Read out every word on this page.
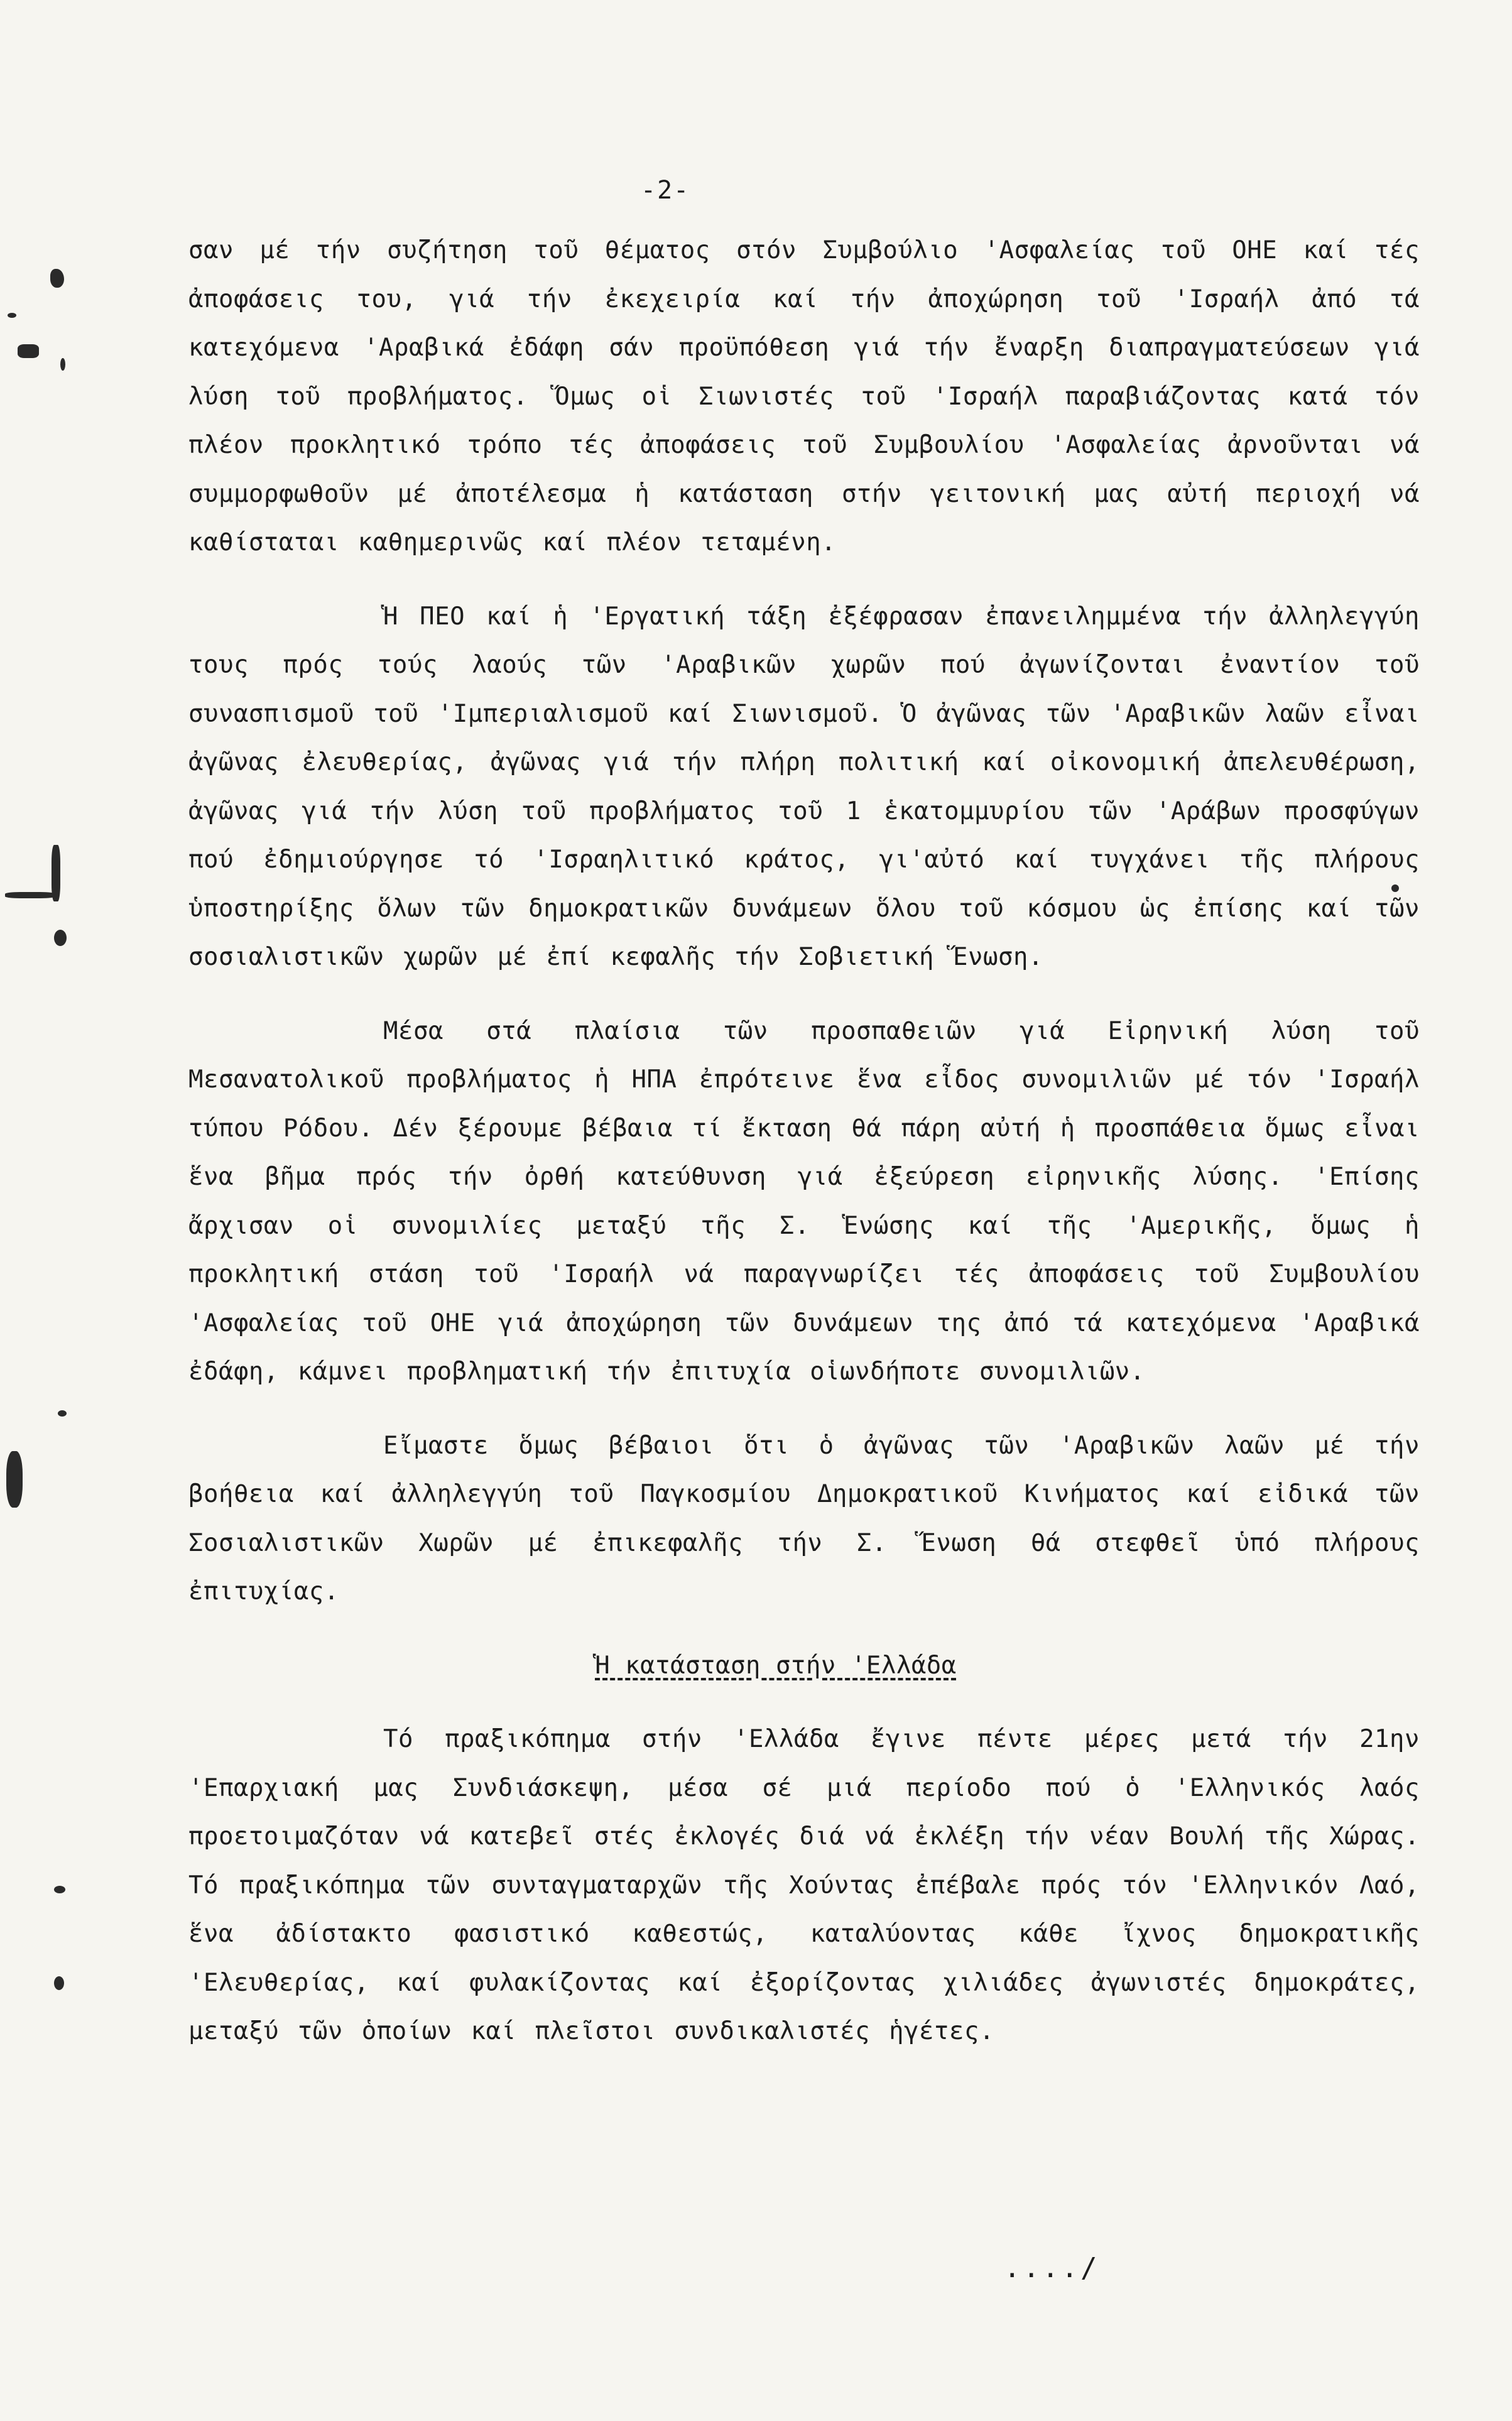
-2-

σαν μέ τήν συζήτηση τοῦ θέματος στόν Συμβούλιο 'Ασφαλείας τοῦ ΟΗΕ καί τές ἀποφάσεις του, γιά τήν ἐκεχειρία καί τήν ἀποχώρηση τοῦ 'Ισραήλ ἀπό τά κατεχόμενα 'Αραβικά ἐδάφη σάν προϋπόθεση γιά τήν ἔναρξη διαπραγματεύσεων γιά λύση τοῦ προβλήματος. Ὅμως οἱ Σιωνιστές τοῦ 'Ισραήλ παραβιάζοντας κατά τόν πλέον προκλητικό τρόπο τές ἀποφάσεις τοῦ Συμβουλίου 'Ασφαλείας ἀρνοῦνται νά συμμορφωθοῦν μέ ἀποτέλεσμα ἡ κατάσταση στήν γειτονική μας αὐτή περιοχή νά καθίσταται καθημερινῶς καί πλέον τεταμένη.

Ἡ ΠΕΟ καί ἡ 'Εργατική τάξη ἐξέφρασαν ἐπανειλημμένα τήν ἀλληλεγγύη τους πρός τούς λαούς τῶν 'Αραβικῶν χωρῶν πού ἀγωνίζονται ἐναντίον τοῦ συνασπισμοῦ τοῦ 'Ιμπεριαλισμοῦ καί Σιωνισμοῦ. Ὁ ἀγῶνας τῶν 'Αραβικῶν λαῶν εἶναι ἀγῶνας ἐλευθερίας, ἀγῶνας γιά τήν πλήρη πολιτική καί οἰκονομική ἀπελευθέρωση, ἀγῶνας γιά τήν λύση τοῦ προβλήματος τοῦ 1 ἑκατομμυρίου τῶν 'Αράβων προσφύγων πού ἐδημιούργησε τό 'Ισραηλιτικό κράτος, γι'αὐτό καί τυγχάνει τῆς πλήρους ὑποστηρίξης ὅλων τῶν δημοκρατικῶν δυνάμεων ὅλου τοῦ κόσμου ὡς ἐπίσης καί τῶν σοσιαλιστικῶν χωρῶν μέ ἐπί κεφαλῆς τήν Σοβιετική Ἕνωση.

Μέσα στά πλαίσια τῶν προσπαθειῶν γιά Εἰρηνική λύση τοῦ Μεσανατολικοῦ προβλήματος ἡ ΗΠΑ ἐπρότεινε ἕνα εἶδος συνομιλιῶν μέ τόν 'Ισραήλ τύπου Ρόδου. Δέν ξέρουμε βέβαια τί ἔκταση θά πάρη αὐτή ἡ προσπάθεια ὅμως εἶναι ἕνα βῆμα πρός τήν ὀρθή κατεύθυνση γιά ἐξεύρεση εἰρηνικῆς λύσης. 'Επίσης ἄρχισαν οἱ συνομιλίες μεταξύ τῆς Σ. Ἑνώσης καί τῆς 'Αμερικῆς, ὅμως ἡ προκλητική στάση τοῦ 'Ισραήλ νά παραγνωρίζει τές ἀποφάσεις τοῦ Συμβουλίου 'Ασφαλείας τοῦ ΟΗΕ γιά ἀποχώρηση τῶν δυνάμεων της ἀπό τά κατεχόμενα 'Αραβικά ἐδάφη, κάμνει προβληματική τήν ἐπιτυχία οἱωνδήποτε συνομιλιῶν.

Εἴμαστε ὅμως βέβαιοι ὅτι ὁ ἀγῶνας τῶν 'Αραβικῶν λαῶν μέ τήν βοήθεια καί ἀλληλεγγύη τοῦ Παγκοσμίου Δημοκρατικοῦ Κινήματος καί εἰδικά τῶν Σοσιαλιστικῶν Χωρῶν μέ ἐπικεφαλῆς τήν Σ. Ἕνωση θά στεφθεῖ ὑπό πλήρους ἐπιτυχίας.

Ἡ κατάσταση στήν 'Ελλάδα

Τό πραξικόπημα στήν 'Ελλάδα ἔγινε πέντε μέρες μετά τήν 21ην 'Επαρχιακή μας Συνδιάσκεψη, μέσα σέ μιά περίοδο πού ὁ 'Ελληνικός λαός προετοιμαζόταν νά κατεβεῖ στές ἐκλογές διά νά ἐκλέξη τήν νέαν Βουλή τῆς Χώρας. Τό πραξικόπημα τῶν συνταγματαρχῶν τῆς Χούντας ἐπέβαλε πρός τόν 'Ελληνικόν Λαό, ἕνα ἀδίστακτο φασιστικό καθεστώς, καταλύοντας κάθε ἴχνος δημοκρατικῆς 'Ελευθερίας, καί φυλακίζοντας καί ἐξορίζοντας χιλιάδες ἀγωνιστές δημοκράτες, μεταξύ τῶν ὁποίων καί πλεῖστοι συνδικαλιστές ἡγέτες.

..../
